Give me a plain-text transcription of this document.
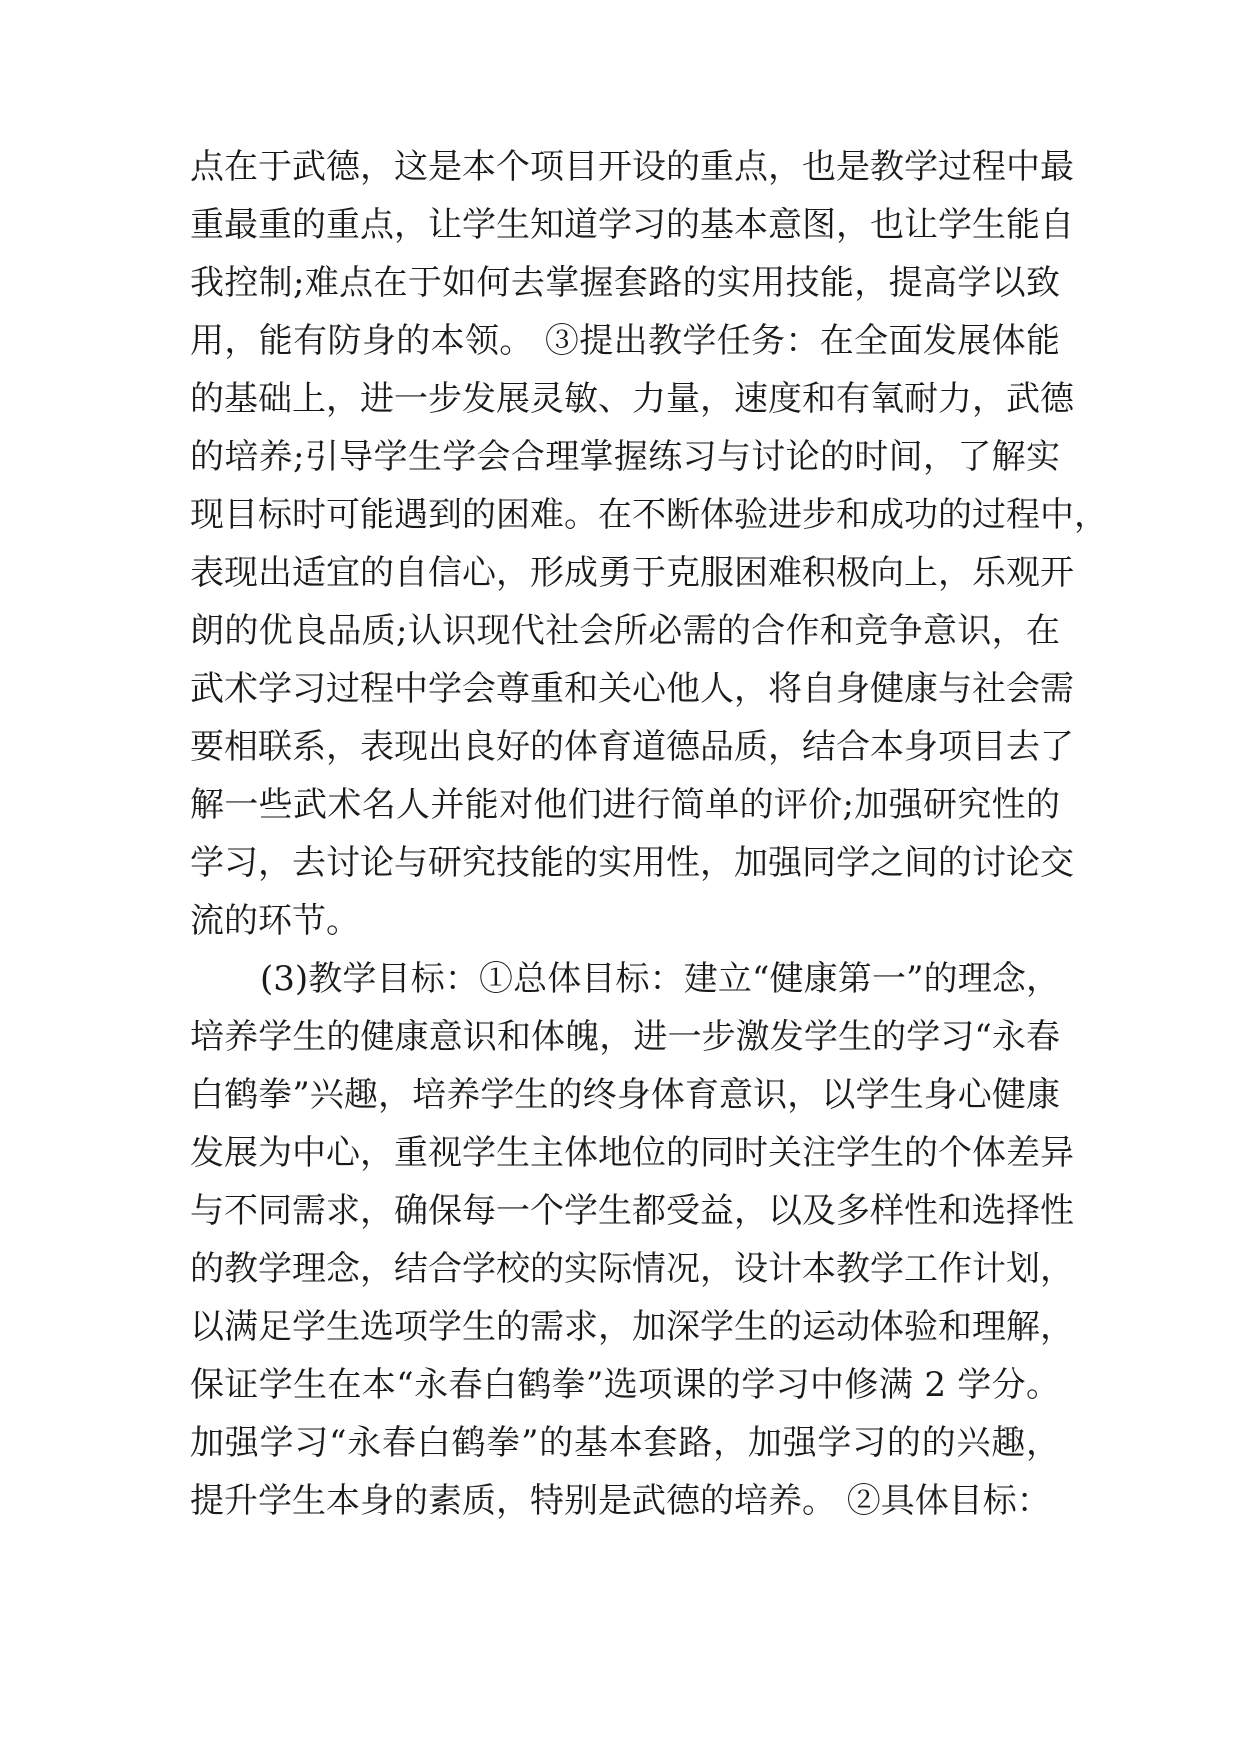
点在于武德，这是本个项目开设的重点，也是教学过程中最
重最重的重点，让学生知道学习的基本意图，也让学生能自
我控制;难点在于如何去掌握套路的实用技能，提高学以致
用，能有防身的本领。 ③提出教学任务：在全面发展体能
的基础上，进一步发展灵敏、力量，速度和有氧耐力，武德
的培养;引导学生学会合理掌握练习与讨论的时间，了解实
现目标时可能遇到的困难。在不断体验进步和成功的过程中，
表现出适宜的自信心，形成勇于克服困难积极向上，乐观开
朗的优良品质;认识现代社会所必需的合作和竞争意识，在
武术学习过程中学会尊重和关心他人，将自身健康与社会需
要相联系，表现出良好的体育道德品质，结合本身项目去了
解一些武术名人并能对他们进行简单的评价;加强研究性的
学习，去讨论与研究技能的实用性，加强同学之间的讨论交
流的环节。
(3)教学目标：①总体目标：建立“健康第一”的理念，
培养学生的健康意识和体魄，进一步激发学生的学习“永春
白鹤拳”兴趣，培养学生的终身体育意识，以学生身心健康
发展为中心，重视学生主体地位的同时关注学生的个体差异
与不同需求，确保每一个学生都受益，以及多样性和选择性
的教学理念，结合学校的实际情况，设计本教学工作计划，
以满足学生选项学生的需求，加深学生的运动体验和理解，
保证学生在本“永春白鹤拳”选项课的学习中修满 2 学分。
加强学习“永春白鹤拳”的基本套路，加强学习的的兴趣，
提升学生本身的素质，特别是武德的培养。 ②具体目标：
